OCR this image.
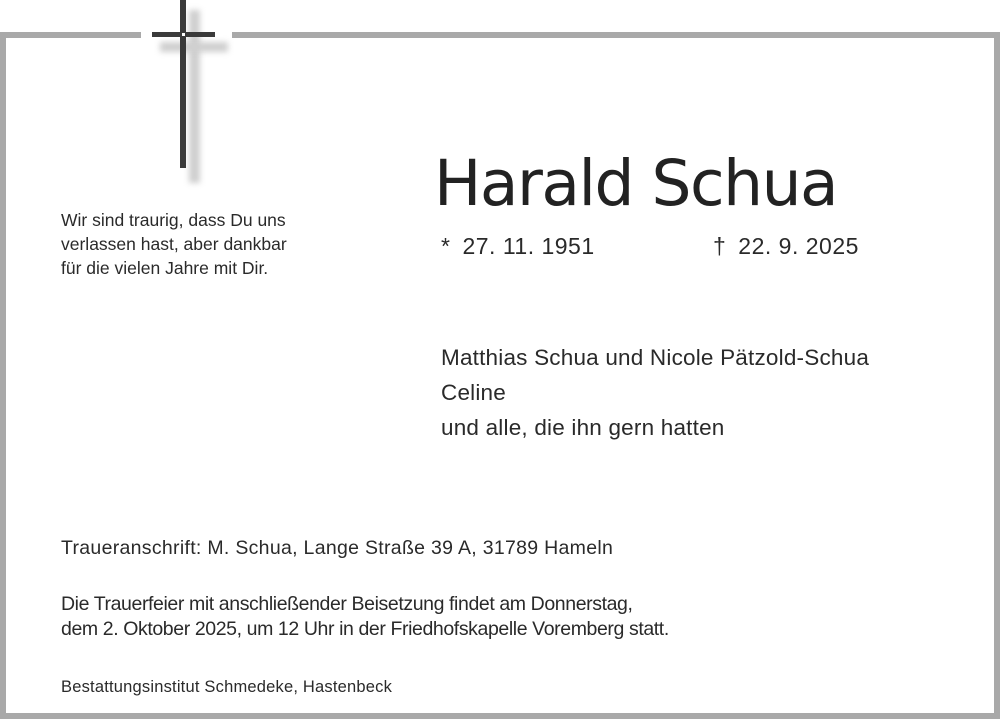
Wir sind traurig, dass Du uns
verlassen hast, aber dankbar
für die vielen Jahre mit Dir.
Harald Schua
* 27. 11. 1951	† 22. 9. 2025
Matthias Schua und Nicole Pätzold-Schua
Celine
und alle, die ihn gern hatten
Traueranschrift: M. Schua, Lange Straße 39 A, 31789 Hameln
Die Trauerfeier mit anschließender Beisetzung findet am Donnerstag,
dem 2. Oktober 2025, um 12 Uhr in der Friedhofskapelle Voremberg statt.
Bestattungsinstitut Schmedeke, Hastenbeck
